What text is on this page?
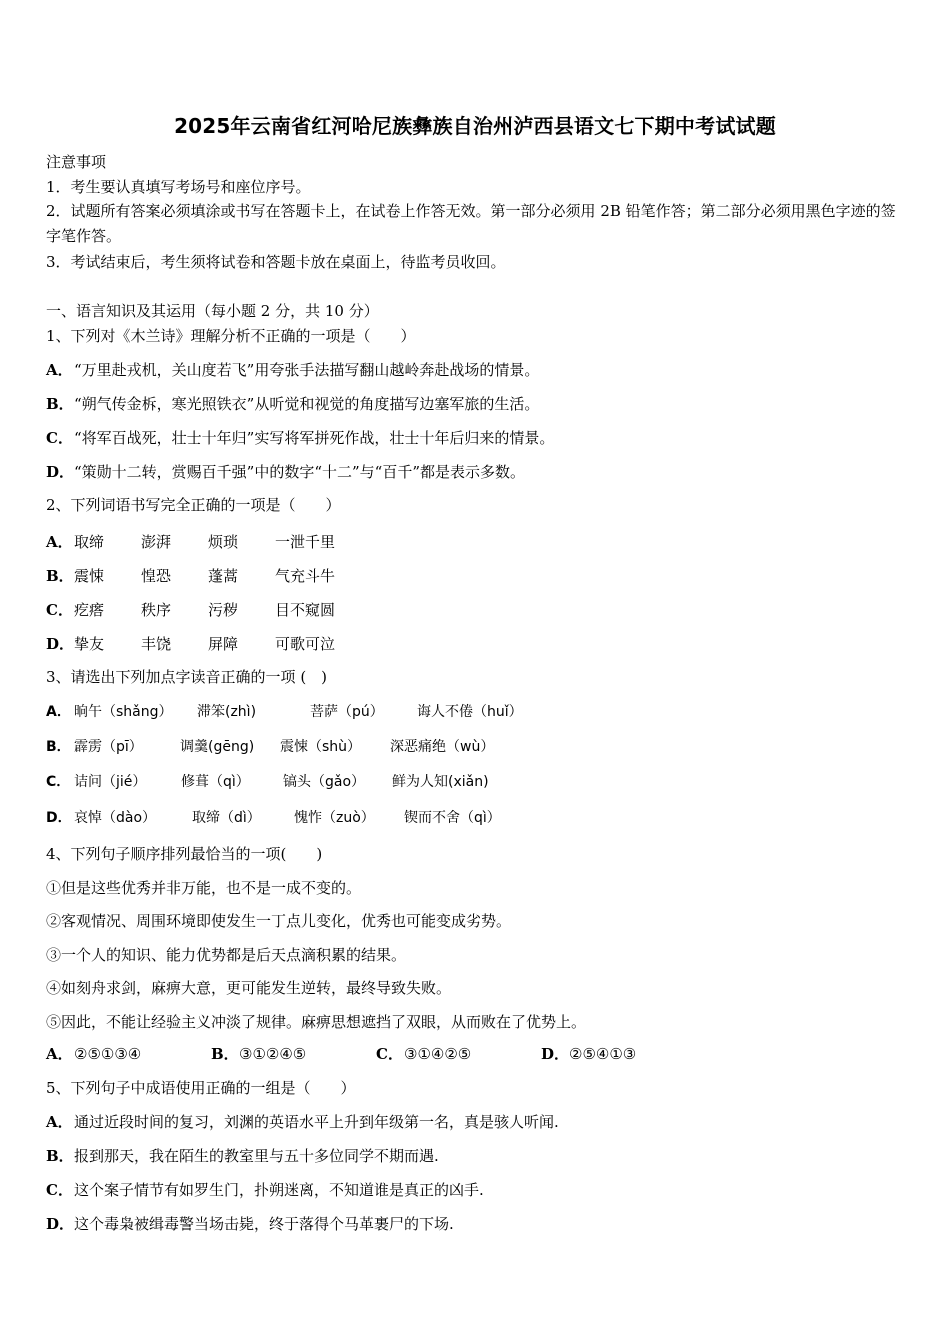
2025年云南省红河哈尼族彝族自治州泸西县语文七下期中考试试题
注意事项
1．考生要认真填写考场号和座位序号。
2．试题所有答案必须填涂或书写在答题卡上，在试卷上作答无效。第一部分必须用 2B 铅笔作答；第二部分必须用黑色字迹的签字笔作答。
3．考试结束后，考生须将试卷和答题卡放在桌面上，待监考员收回。
一、语言知识及其运用（每小题 2 分，共 10 分）
1、下列对《木兰诗》理解分析不正确的一项是（　　）
A．“万里赴戎机，关山度若飞”用夸张手法描写翻山越岭奔赴战场的情景。
B．“朔气传金柝，寒光照铁衣”从听觉和视觉的角度描写边塞军旅的生活。
C．“将军百战死，壮士十年归”实写将军拼死作战，壮士十年后归来的情景。
D．“策勋十二转，赏赐百千强”中的数字“十二”与“百千”都是表示多数。
2、下列词语书写完全正确的一项是（　　）
A．取缔 澎湃 烦琐 一泄千里
B．震悚 惶恐 蓬蒿 气充斗牛
C．疙瘩 秩序 污秽 目不窥圆
D．挚友 丰饶 屏障 可歌可泣
3、请选出下列加点字读音正确的一项 (　)
A． 晌午（shǎng） 滞笨(zhì)	菩萨（pú） 诲人不倦（huǐ）
B． 霹雳（pī）	调羹(gēng) 震悚（shù） 深恶痛绝（wù）
C． 诘问（jié） 修葺（qì） 镐头（gǎo） 鲜为人知(xiǎn)
D． 哀悼（dào）	取缔（dì） 愧怍（zuò） 锲而不舍（qì）
4、下列句子顺序排列最恰当的一项(　　)
①但是这些优秀并非万能，也不是一成不变的。
②客观情况、周围环境即使发生一丁点儿变化，优秀也可能变成劣势。
③一个人的知识、能力优势都是后天点滴积累的结果。
④如刻舟求剑，麻痹大意，更可能发生逆转，最终导致失败。
⑤因此，不能让经验主义冲淡了规律。麻痹思想遮挡了双眼，从而败在了优势上。
A．②⑤①③④	B．③①②④⑤	C．③①④②⑤	D．②⑤④①③
5、下列句子中成语使用正确的一组是（　　）
A．通过近段时间的复习，刘渊的英语水平上升到年级第一名，真是骇人听闻.
B．报到那天，我在陌生的教室里与五十多位同学不期而遇.
C．这个案子情节有如罗生门，扑朔迷离，不知道谁是真正的凶手.
D．这个毒枭被缉毒警当场击毙，终于落得个马革裹尸的下场.
